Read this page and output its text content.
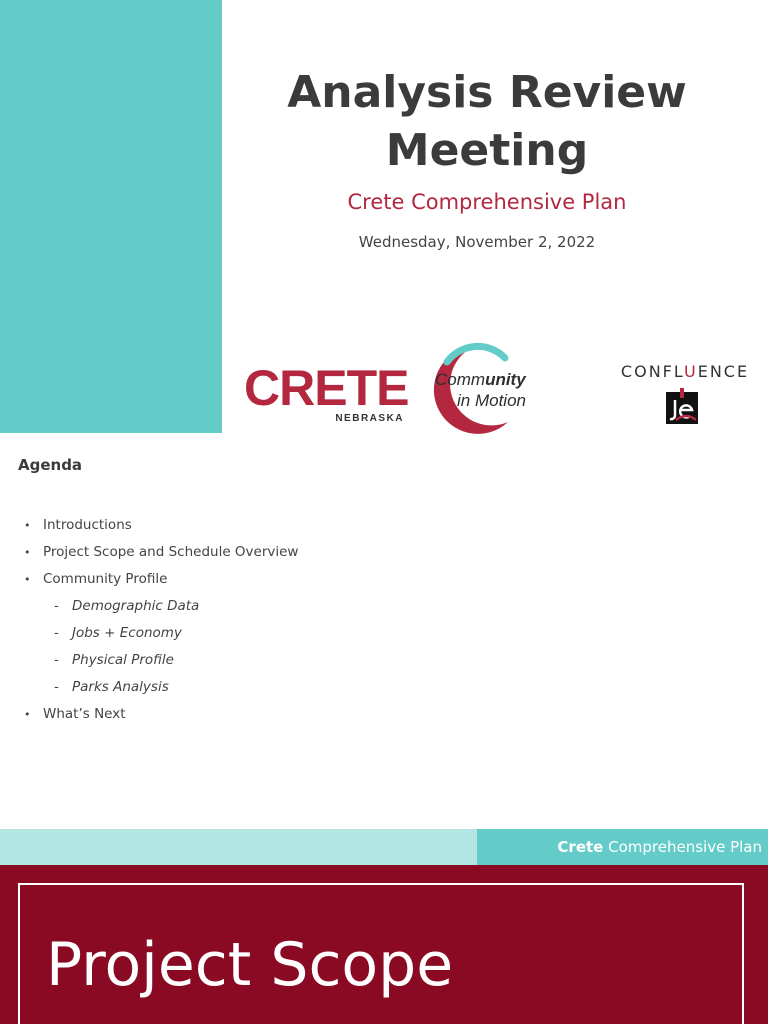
Analysis Review Meeting
Crete Comprehensive Plan
Wednesday, November 2, 2022
CRETE
NEBRASKA
Community
in Motion
CONFLUENCE
Agenda
• Introductions
• Project Scope and Schedule Overview
• Community Profile
- Demographic Data
- Jobs + Economy
- Physical Profile
- Parks Analysis
• What’s Next
Crete Comprehensive Plan
Project Scope
